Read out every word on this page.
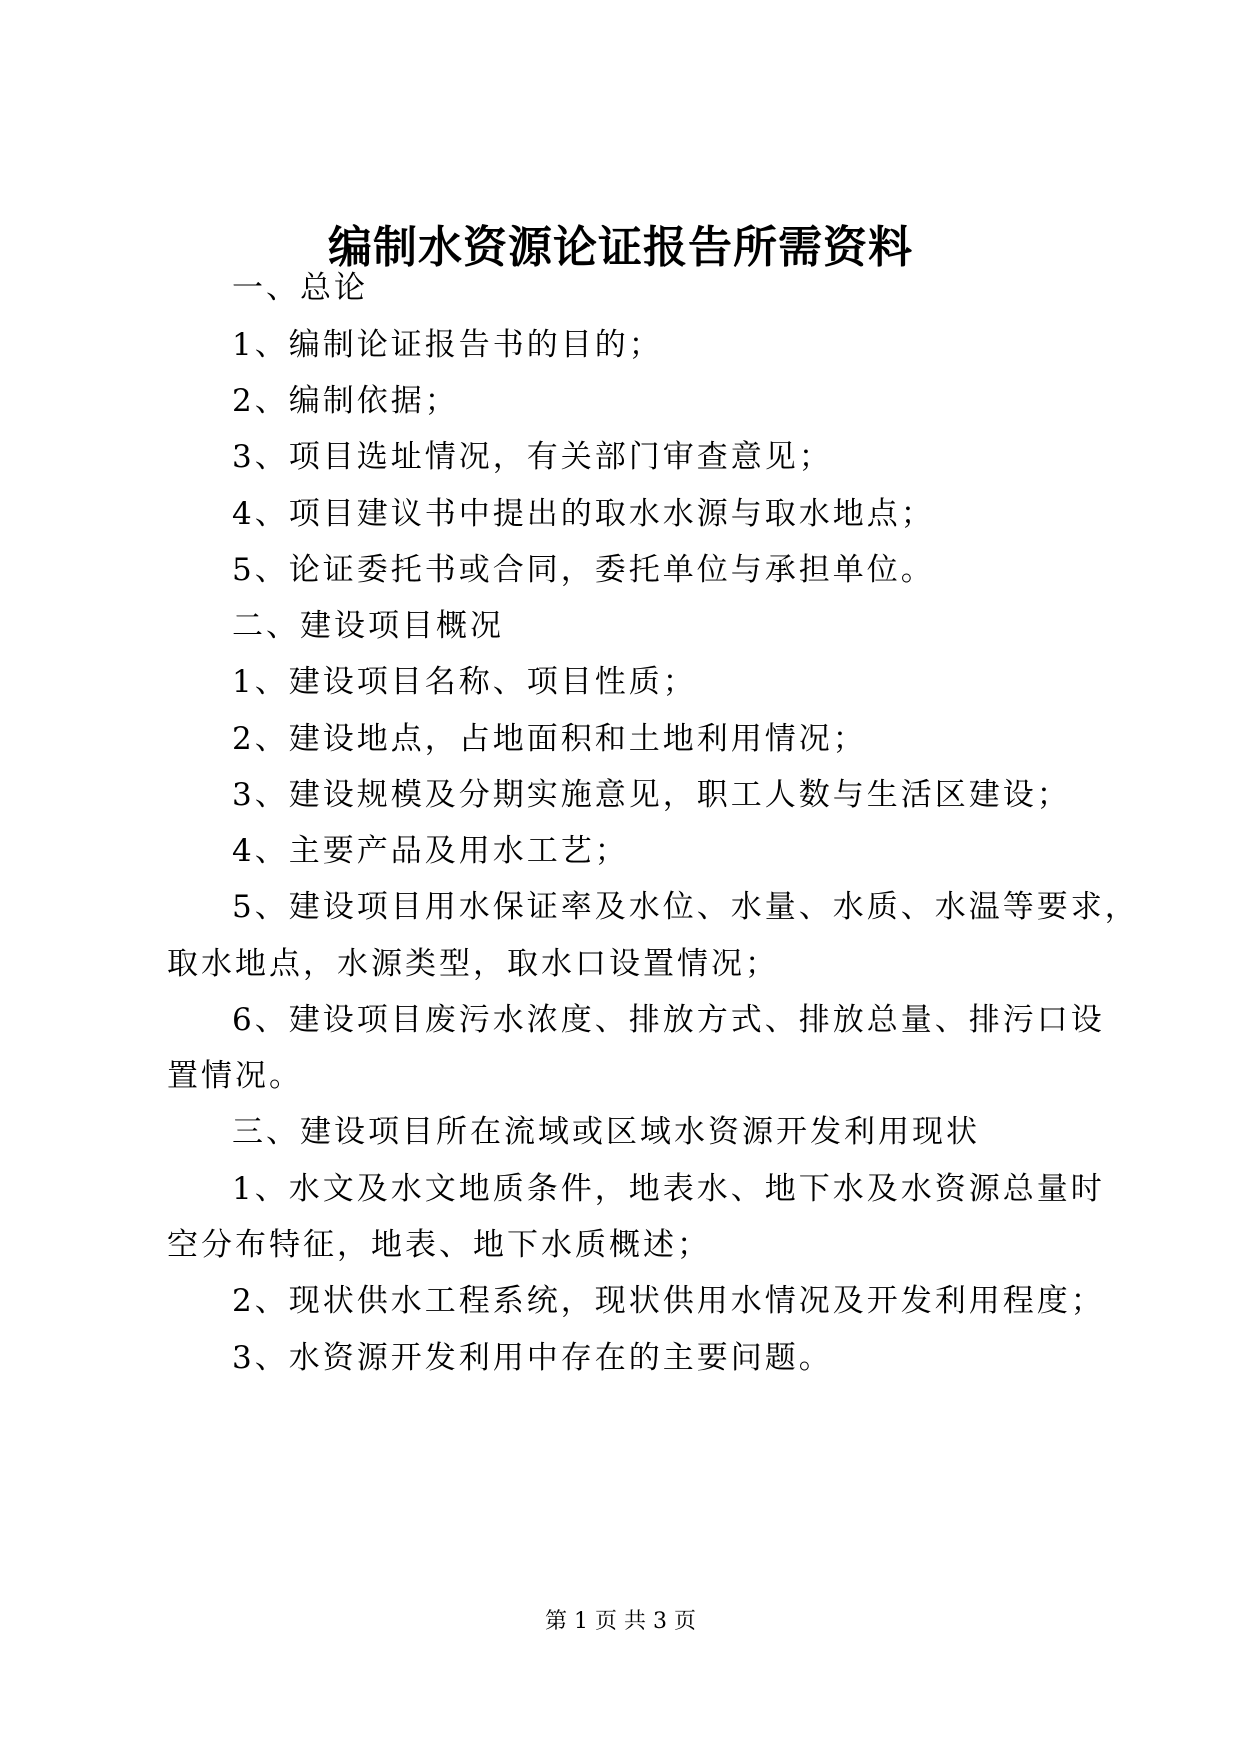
编制水资源论证报告所需资料
一、总论
1、编制论证报告书的目的；
2、编制依据；
3、项目选址情况，有关部门审查意见；
4、项目建议书中提出的取水水源与取水地点；
5、论证委托书或合同，委托单位与承担单位。
二、建设项目概况
1、建设项目名称、项目性质；
2、建设地点，占地面积和土地利用情况；
3、建设规模及分期实施意见，职工人数与生活区建设；
4、主要产品及用水工艺；
5、建设项目用水保证率及水位、水量、水质、水温等要求，
取水地点，水源类型，取水口设置情况；
6、建设项目废污水浓度、排放方式、排放总量、排污口设
置情况。
三、建设项目所在流域或区域水资源开发利用现状
1、水文及水文地质条件，地表水、地下水及水资源总量时
空分布特征，地表、地下水质概述；
2、现状供水工程系统，现状供用水情况及开发利用程度；
3、水资源开发利用中存在的主要问题。
第 1 页 共 3 页
